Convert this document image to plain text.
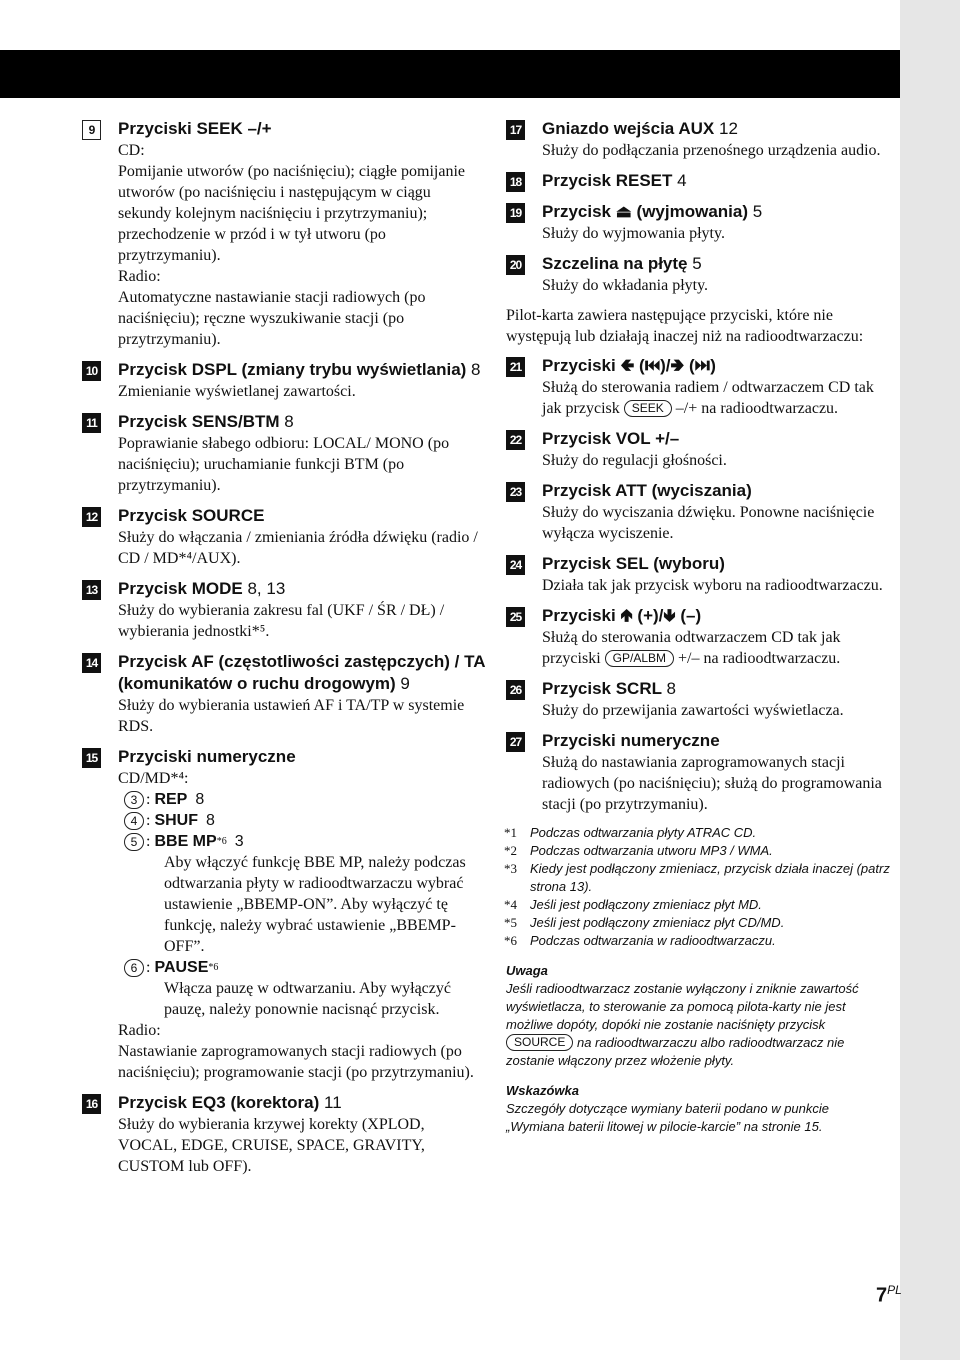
9	Przyciski SEEK –/+
CD:
Pomijanie utworów (po naciśnięciu); ciągłe pomijanie utworów (po naciśnięciu i następującym w ciągu sekundy kolejnym naciśnięciu i przytrzymaniu); przechodzenie w przód i w tył utworu (po przytrzymaniu).
Radio:
Automatyczne nastawianie stacji radiowych (po naciśnięciu); ręczne wyszukiwanie stacji (po przytrzymaniu).
10 Przycisk DSPL (zmiany trybu wyświetlania) 8
Zmienianie wyświetlanej zawartości.
11 Przycisk SENS/BTM 8
Poprawianie słabego odbioru: LOCAL/ MONO (po naciśnięciu); uruchamianie funkcji BTM (po przytrzymaniu).
12 Przycisk SOURCE
Służy do włączania / zmieniania źródła dźwięku (radio / CD / MD*⁴/AUX).
13 Przycisk MODE 8, 13
Służy do wybierania zakresu fal (UKF / ŚR / DŁ) / wybierania jednostki*⁵.
14 Przycisk AF (częstotliwości zastępczych) / TA (komunikatów o ruchu drogowym) 9
Służy do wybierania ustawień AF i TA/TP w systemie RDS.
15 Przyciski numeryczne
CD/MD*⁴:
3 : REP
8
4 : SHUF
8
5 : BBE MP *6
3
Aby włączyć funkcję BBE MP, należy podczas odtwarzania płyty w radioodtwarzaczu wybrać ustawienie „BBEMP-ON”. Aby wyłączyć tę funkcję, należy wybrać ustawienie „BBEMP-OFF”.
6 : PAUSE *6
Włącza pauzę w odtwarzaniu. Aby wyłączyć pauzę, należy ponownie nacisnąć przycisk.
Radio:
Nastawianie zaprogramowanych stacji radiowych (po naciśnięciu); programowanie stacji (po przytrzymaniu).
16 Przycisk EQ3 (korektora) 11
Służy do wybierania krzywej korekty (XPLOD, VOCAL, EDGE, CRUISE, SPACE, GRAVITY, CUSTOM lub OFF).
17 Gniazdo wejścia AUX 12
Służy do podłączania przenośnego urządzenia audio.
18 Przycisk RESET 4
19 Przycisk ⏏ (wyjmowania) 5
Służy do wyjmowania płyty.
20 Szczelina na płytę 5
Służy do wkładania płyty.
Pilot-karta zawiera następujące przyciski, które nie występują lub działają inaczej niż na radioodtwarzaczu:
21 Przyciski 🢀 (⏮)/🢂 (⏭)
Służą do sterowania radiem / odtwarzaczem CD tak jak przycisk SEEK –/+ na radioodtwarzaczu.
22 Przycisk VOL +/–
Służy do regulacji głośności.
23 Przycisk ATT (wyciszania)
Służy do wyciszania dźwięku. Ponowne naciśnięcie wyłącza wyciszenie.
24 Przycisk SEL (wyboru)
Działa tak jak przycisk wyboru na radioodtwarzaczu.
25 Przyciski 🢁 (+)/🢃 (–)
Służą do sterowania odtwarzaczem CD tak jak przyciski GP/ALBM +/– na radioodtwarzaczu.
26 Przycisk SCRL 8
Służy do przewijania zawartości wyświetlacza.
27 Przyciski numeryczne
Służą do nastawiania zaprogramowanych stacji radiowych (po naciśnięciu); służą do programowania stacji (po przytrzymaniu).
*1 Podczas odtwarzania płyty ATRAC CD.
*2 Podczas odtwarzania utworu MP3 / WMA.
*3 Kiedy jest podłączony zmieniacz, przycisk działa inaczej (patrz strona 13).
*4 Jeśli jest podłączony zmieniacz płyt MD.
*5 Jeśli jest podłączony zmieniacz płyt CD/MD.
*6 Podczas odtwarzania w radioodtwarzaczu.
Uwaga
Jeśli radioodtwarzacz zostanie wyłączony i zniknie zawartość wyświetlacza, to sterowanie za pomocą pilota-karty nie jest możliwe dopóty, dopóki nie zostanie naciśnięty przycisk SOURCE na radioodtwarzaczu albo radioodtwarzacz nie zostanie włączony przez włożenie płyty.
Wskazówka
Szczegóły dotyczące wymiany baterii podano w punkcie „Wymiana baterii litowej w pilocie-karcie” na stronie 15.
$7^{PL}$
